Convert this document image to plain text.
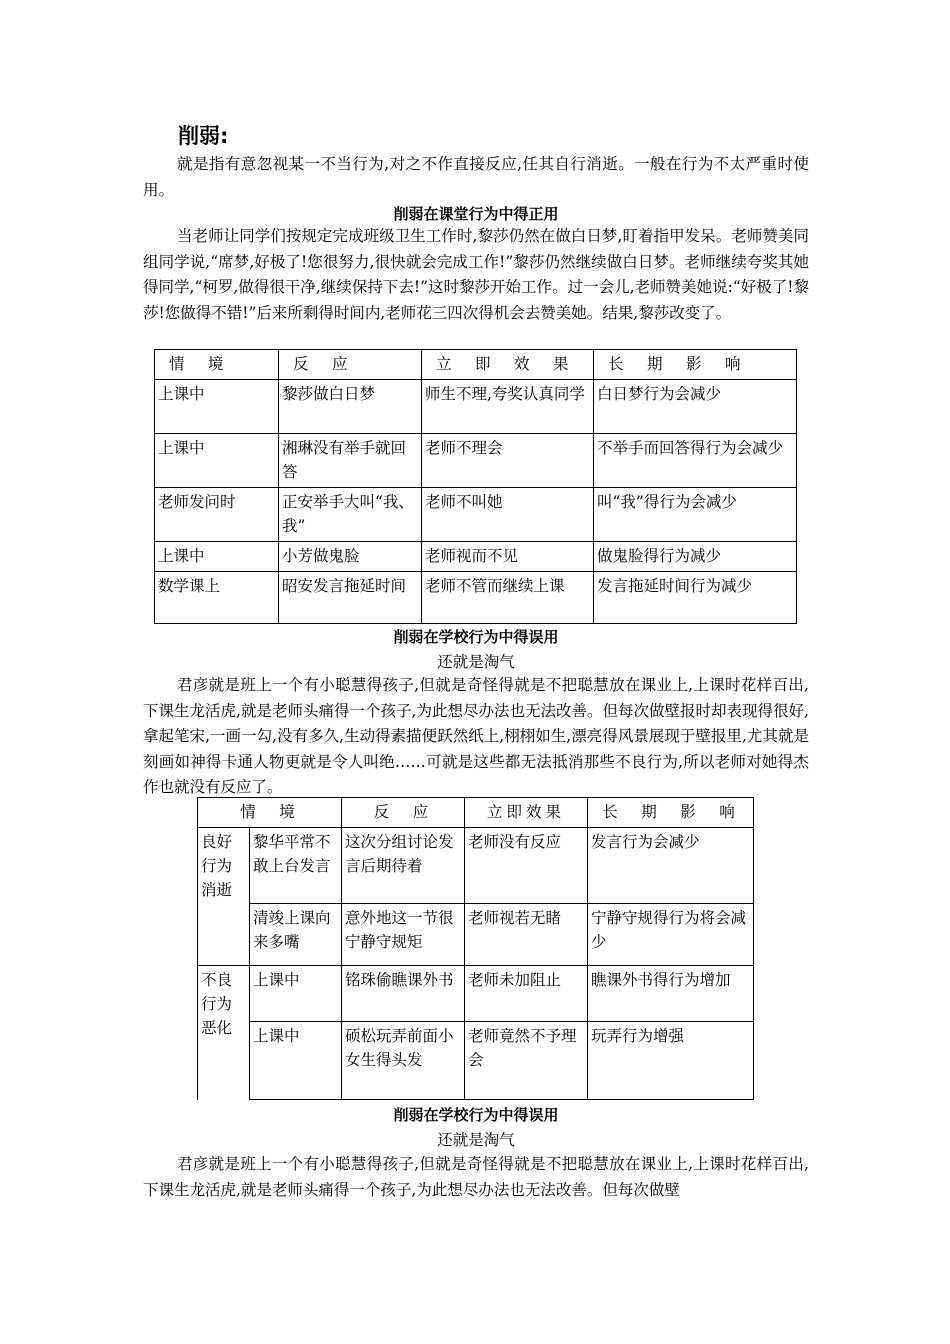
削弱:

就是指有意忽视某一不当行为,对之不作直接反应,任其自行消逝。一般在行为不太严重时使用。

削弱在课堂行为中得正用

当老师让同学们按规定完成班级卫生工作时,黎莎仍然在做白日梦,盯着指甲发呆。老师赞美同组同学说,“席梦,好极了!您很努力,很快就会完成工作!”黎莎仍然继续做白日梦。老师继续夸奖其她得同学,“柯罗,做得很干净,继续保持下去!”这时黎莎开始工作。过一会儿,老师赞美她说:“好极了!黎莎!您做得不错!”后来所剩得时间内,老师花三四次得机会去赞美她。结果,黎莎改变了。

情　境	反　应	立　即　效　果	长　期　影　响
上课中	黎莎做白日梦	师生不理,夸奖认真同学	白日梦行为会减少
上课中	湘琳没有举手就回答	老师不理会	不举手而回答得行为会减少
老师发问时	正安举手大叫“我、我”	老师不叫她	叫“我”得行为会减少
上课中	小芳做鬼脸	老师视而不见	做鬼脸得行为减少
数学课上	昭安发言拖延时间	老师不管而继续上课	发言拖延时间行为减少
削弱在学校行为中得误用
还就是淘气

君彦就是班上一个有小聪慧得孩子,但就是奇怪得就是不把聪慧放在课业上,上课时花样百出,下课生龙活虎,就是老师头痛得一个孩子,为此想尽办法也无法改善。但每次做壁报时却表现得很好,拿起笔宋,一画一勾,没有多久,生动得素描便跃然纸上,栩栩如生,漂亮得风景展现于壁报里,尤其就是刻画如神得卡通人物更就是令人叫绝……可就是这些都无法抵消那些不良行为,所以老师对她得杰作也就没有反应了。

情　境		反　应	立即效果	长　期　影　响
良好行为消逝	黎华平常不敢上台发言	这次分组讨论发言后期待着	老师没有反应	发言行为会减少
	清竣上课向来多嘴	意外地这一节很宁静守规矩	老师视若无睹	宁静守规得行为将会减少
不良行为恶化	上课中	铭珠偷瞧课外书	老师未加阻止	瞧课外书得行为增加
	上课中	硕松玩弄前面小女生得头发	老师竟然不予理会	玩弄行为增强
削弱在学校行为中得误用
还就是淘气

君彦就是班上一个有小聪慧得孩子,但就是奇怪得就是不把聪慧放在课业上,上课时花样百出,下课生龙活虎,就是老师头痛得一个孩子,为此想尽办法也无法改善。但每次做壁
